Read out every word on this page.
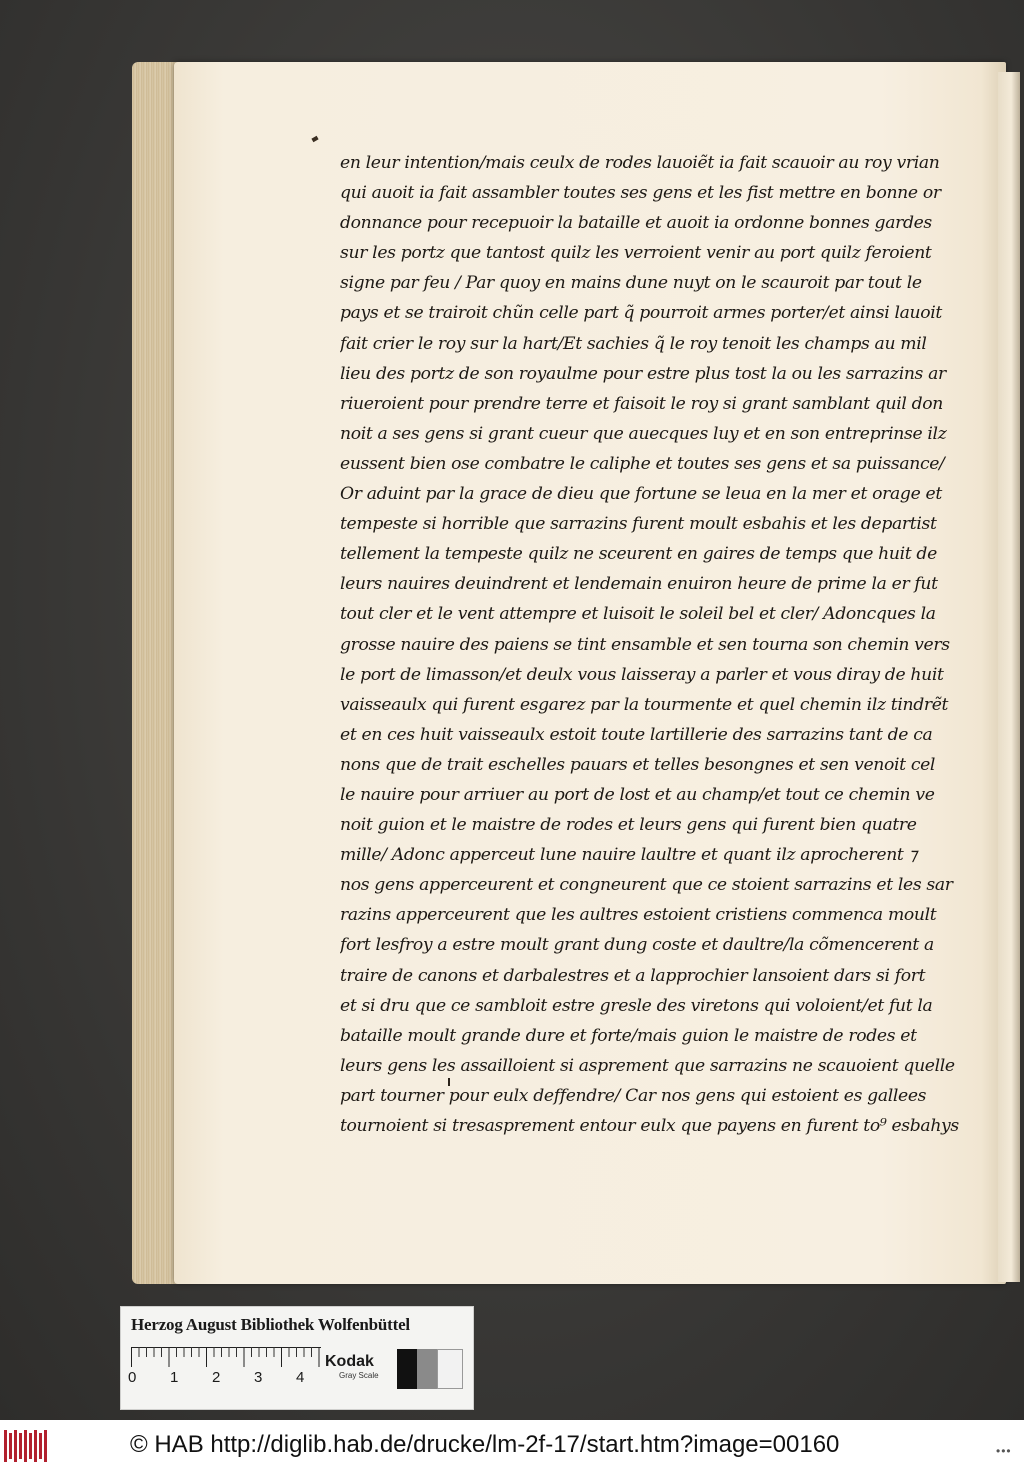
en leur intention/mais ceulx de rodes lauoiẽt ia fait scauoir au roy vrian
qui auoit ia fait assambler toutes ses gens et les fist mettre en bonne or
donnance pour recepuoir la bataille et auoit ia ordonne bonnes gardes
sur les portz que tantost quilz les verroient venir au port quilz feroient
signe par feu / Par quoy en mains dune nuyt on le scauroit par tout le
pays et se trairoit chũn celle part q̃ pourroit armes porter/et ainsi lauoit
fait crier le roy sur la hart/Et sachies q̃ le roy tenoit les champs au mil
lieu des portz de son royaulme pour estre plus tost la ou les sarrazins ar
riueroient pour prendre terre et faisoit le roy si grant samblant quil don
noit a ses gens si grant cueur que auecques luy et en son entreprinse ilz
eussent bien ose combatre le caliphe et toutes ses gens et sa puissance/
Or aduint par la grace de dieu que fortune se leua en la mer et orage et
tempeste si horrible que sarrazins furent moult esbahis et les departist
tellement la tempeste quilz ne sceurent en gaires de temps que huit de
leurs nauires deuindrent et lendemain enuiron heure de prime la er fut
tout cler et le vent attempre et luisoit le soleil bel et cler/ Adoncques la
grosse nauire des paiens se tint ensamble et sen tourna son chemin vers
le port de limasson/et deulx vous laisseray a parler et vous diray de huit
vaisseaulx qui furent esgarez par la tourmente et quel chemin ilz tindrẽt
et en ces huit vaisseaulx estoit toute lartillerie des sarrazins tant de ca
nons que de trait eschelles pauars et telles besongnes et sen venoit cel
le nauire pour arriuer au port de lost et au champ/et tout ce chemin ve
noit guion et le maistre de rodes et leurs gens qui furent bien quatre
mille/ Adonc apperceut lune nauire laultre et quant ilz aprocherent ⁊
nos gens apperceurent et congneurent que ce stoient sarrazins et les sar
razins apperceurent que les aultres estoient cristiens commenca moult
fort lesfroy a estre moult grant dung coste et daultre/la cõmencerent a
traire de canons et darbalestres et a lapprochier lansoient dars si fort
et si dru que ce sambloit estre gresle des viretons qui voloient/et fut la
bataille moult grande dure et forte/mais guion le maistre de rodes et
leurs gens les assailloient si asprement que sarrazins ne scauoient quelle
part tourner pour eulx deffendre/ Car nos gens qui estoient es gallees
tournoient si tresasprement entour eulx que payens en furent to⁹ esbahys
Herzog August Bibliothek Wolfenbüttel
0 1 2 3 4
Kodak
Gray Scale
© HAB http://diglib.hab.de/drucke/lm-2f-17/start.htm?image=00160	•••
